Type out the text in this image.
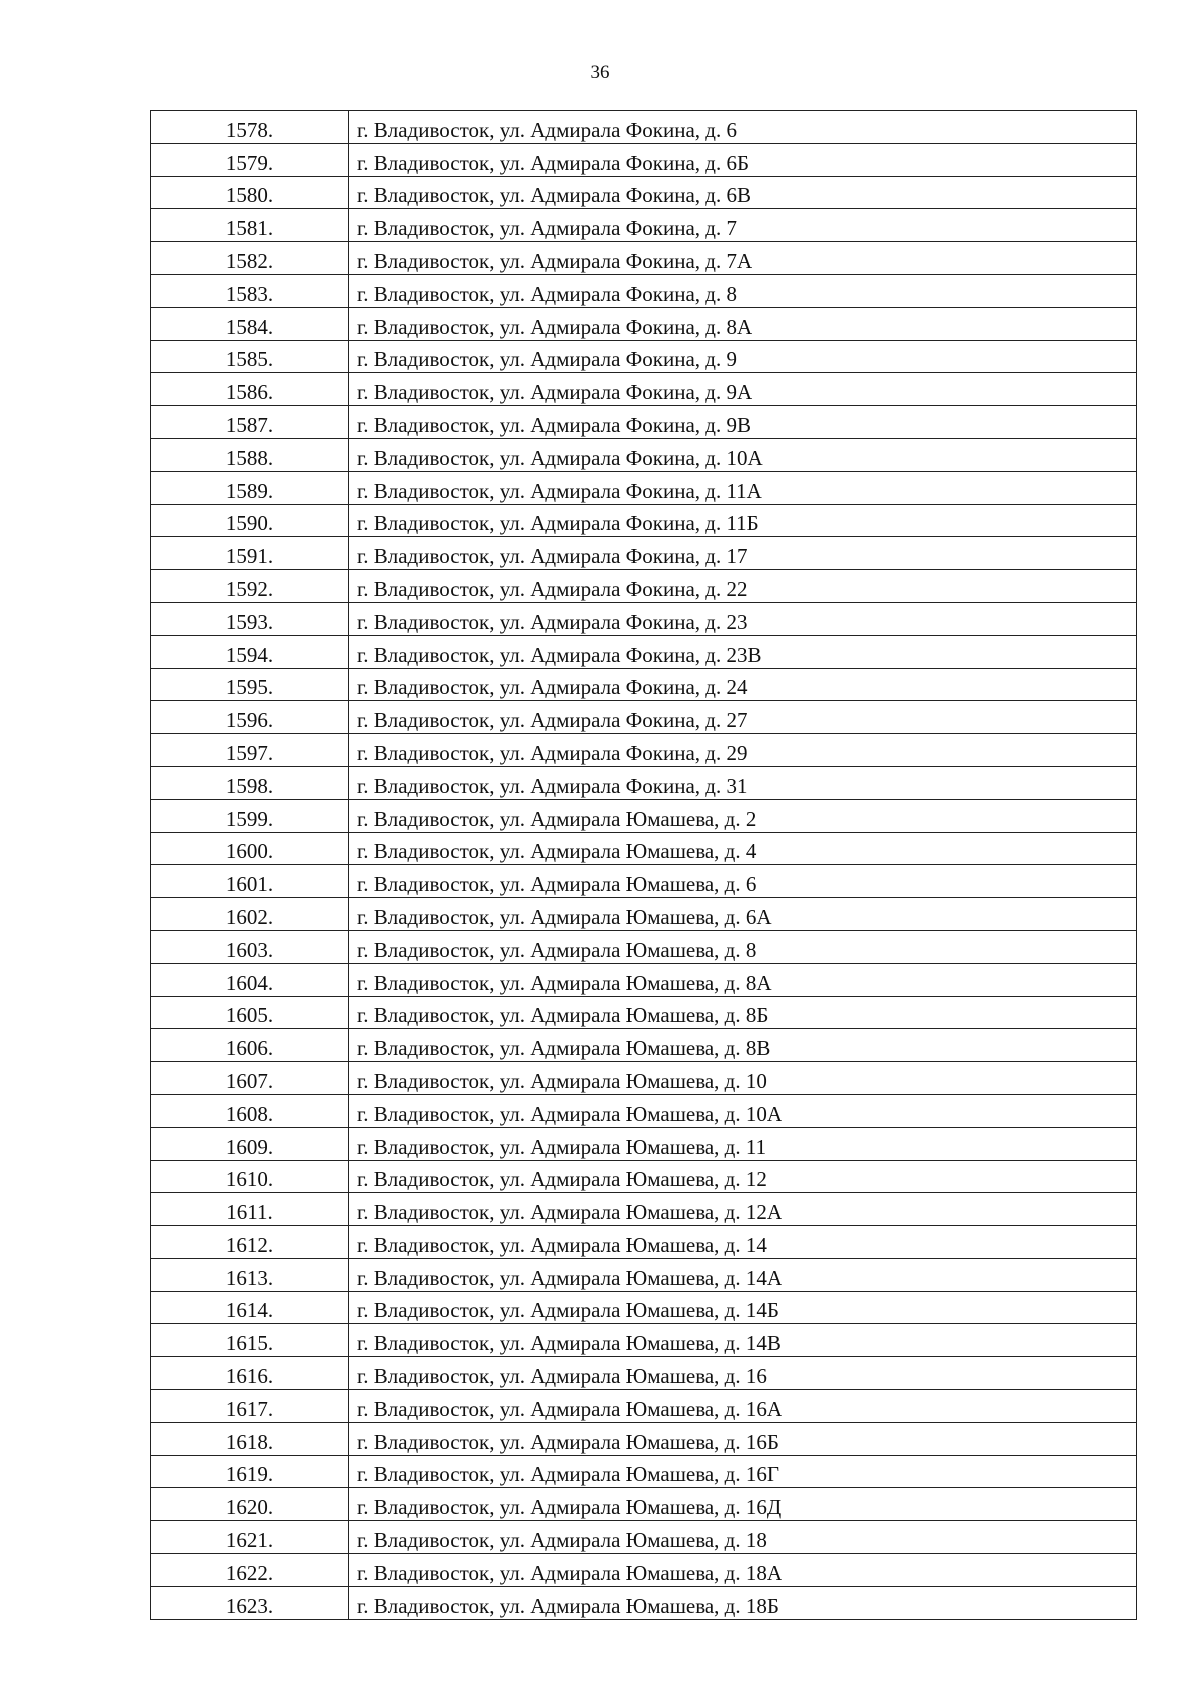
36
1578.	г. Владивосток, ул. Адмирала Фокина, д. 6
1579.	г. Владивосток, ул. Адмирала Фокина, д. 6Б
1580.	г. Владивосток, ул. Адмирала Фокина, д. 6В
1581.	г. Владивосток, ул. Адмирала Фокина, д. 7
1582.	г. Владивосток, ул. Адмирала Фокина, д. 7А
1583.	г. Владивосток, ул. Адмирала Фокина, д. 8
1584.	г. Владивосток, ул. Адмирала Фокина, д. 8А
1585.	г. Владивосток, ул. Адмирала Фокина, д. 9
1586.	г. Владивосток, ул. Адмирала Фокина, д. 9А
1587.	г. Владивосток, ул. Адмирала Фокина, д. 9В
1588.	г. Владивосток, ул. Адмирала Фокина, д. 10А
1589.	г. Владивосток, ул. Адмирала Фокина, д. 11А
1590.	г. Владивосток, ул. Адмирала Фокина, д. 11Б
1591.	г. Владивосток, ул. Адмирала Фокина, д. 17
1592.	г. Владивосток, ул. Адмирала Фокина, д. 22
1593.	г. Владивосток, ул. Адмирала Фокина, д. 23
1594.	г. Владивосток, ул. Адмирала Фокина, д. 23В
1595.	г. Владивосток, ул. Адмирала Фокина, д. 24
1596.	г. Владивосток, ул. Адмирала Фокина, д. 27
1597.	г. Владивосток, ул. Адмирала Фокина, д. 29
1598.	г. Владивосток, ул. Адмирала Фокина, д. 31
1599.	г. Владивосток, ул. Адмирала Юмашева, д. 2
1600.	г. Владивосток, ул. Адмирала Юмашева, д. 4
1601.	г. Владивосток, ул. Адмирала Юмашева, д. 6
1602.	г. Владивосток, ул. Адмирала Юмашева, д. 6А
1603.	г. Владивосток, ул. Адмирала Юмашева, д. 8
1604.	г. Владивосток, ул. Адмирала Юмашева, д. 8А
1605.	г. Владивосток, ул. Адмирала Юмашева, д. 8Б
1606.	г. Владивосток, ул. Адмирала Юмашева, д. 8В
1607.	г. Владивосток, ул. Адмирала Юмашева, д. 10
1608.	г. Владивосток, ул. Адмирала Юмашева, д. 10А
1609.	г. Владивосток, ул. Адмирала Юмашева, д. 11
1610.	г. Владивосток, ул. Адмирала Юмашева, д. 12
1611.	г. Владивосток, ул. Адмирала Юмашева, д. 12А
1612.	г. Владивосток, ул. Адмирала Юмашева, д. 14
1613.	г. Владивосток, ул. Адмирала Юмашева, д. 14А
1614.	г. Владивосток, ул. Адмирала Юмашева, д. 14Б
1615.	г. Владивосток, ул. Адмирала Юмашева, д. 14В
1616.	г. Владивосток, ул. Адмирала Юмашева, д. 16
1617.	г. Владивосток, ул. Адмирала Юмашева, д. 16А
1618.	г. Владивосток, ул. Адмирала Юмашева, д. 16Б
1619.	г. Владивосток, ул. Адмирала Юмашева, д. 16Г
1620.	г. Владивосток, ул. Адмирала Юмашева, д. 16Д
1621.	г. Владивосток, ул. Адмирала Юмашева, д. 18
1622.	г. Владивосток, ул. Адмирала Юмашева, д. 18А
1623.	г. Владивосток, ул. Адмирала Юмашева, д. 18Б
